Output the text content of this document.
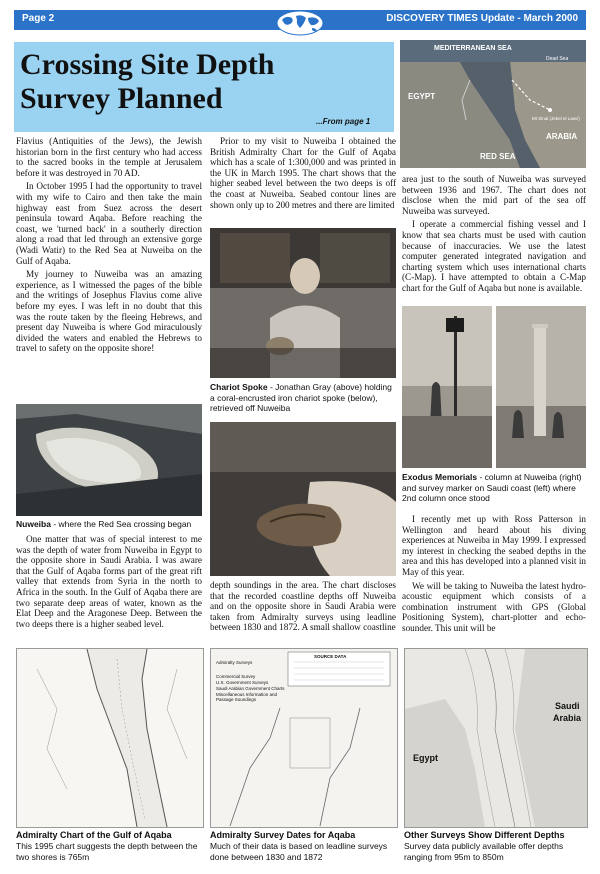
Page 2	DISCOVERY TIMES Update - March 2000
Crossing Site Depth
Survey Planned
...From page 1
MEDITERRANEAN SEA
Dead Sea
EGYPT
Mt Sinai (Jebel el Lawz)
ARABIA
RED SEA

Flavius (Antiquities of the Jews), the Jewish historian born in the first century who had access to the sacred books in the temple at Jerusalem before it was destroyed in 70 AD.

In October 1995 I had the opportunity to travel with my wife to Cairo and then take the main highway east from Suez across the desert peninsula toward Aqaba. Before reaching the coast, we 'turned back' in a southerly direction along a road that led through an extensive gorge (Wadi Watir) to the Red Sea at Nuweiba on the Gulf of Aqaba.

My journey to Nuweiba was an amazing experience, as I witnessed the pages of the bible and the writings of Josephus Flavius come alive before my eyes. I was left in no doubt that this was the route taken by the fleeing Hebrews, and present day Nuweiba is where God miraculously divided the waters and enabled the Hebrews to travel to safety on the opposite shore!

Nuweiba - where the Red Sea crossing began

One matter that was of special interest to me was the depth of water from Nuweiba in Egypt to the opposite shore in Saudi Arabia. I was aware that the Gulf of Aqaba forms part of the great rift valley that extends from Syria in the north to Africa in the south. In the Gulf of Aqaba there are two separate deep areas of water, known as the Elat Deep and the Aragonese Deep. Between the two deeps there is a higher seabed level.

Prior to my visit to Nuweiba I obtained the British Admiralty Chart for the Gulf of Aqaba which has a scale of 1:300,000 and was printed in the UK in March 1995. The chart shows that the higher seabed level between the two deeps is off the coast at Nuweiba. Seabed contour lines are shown only up to 200 metres and there are limited

Chariot Spoke - Jonathan Gray (above) holding a coral-encrusted iron chariot spoke (below), retrieved off Nuweiba

depth soundings in the area. The chart discloses that the recorded coastline depths off Nuweiba and on the opposite shore in Saudi Arabia were taken from Admiralty surveys using leadline between 1830 and 1872. A small shallow coastline

area just to the south of Nuweiba was surveyed between 1936 and 1967. The chart does not disclose when the mid part of the sea off Nuweiba was surveyed.

I operate a commercial fishing vessel and I know that sea charts must be used with caution because of inaccuracies. We use the latest computer generated integrated navigation and charting system which uses international charts (C-Map). I have attempted to obtain a C-Map chart for the Gulf of Aqaba but none is available.

Exodus Memorials - column at Nuweiba (right) and survey marker on Saudi coast (left) where 2nd column once stood

I recently met up with Ross Patterson in Wellington and heard about his diving experiences at Nuweiba in May 1999. I expressed my interest in checking the seabed depths in the area and this has developed into a planned visit in May of this year.

We will be taking to Nuweiba the latest hydro-acoustic equipment which consists of a combination instrument with GPS (Global Positioning System), chart-plotter and echo-sounder. This unit will be

SOURCE DATA
Admiralty Surveys
Commercial Survey
U.S. Government Surveys
Saudi Arabian Government Charts
Miscellaneous Information and Passage Soundings
Saudi
Arabia
Egypt
Admiralty Chart of the Gulf of Aqaba
This 1995 chart suggests the depth between the two shores is 765m
Admiralty Survey Dates for Aqaba
Much of their data is based on leadline surveys done between 1830 and 1872
Other Surveys Show Different Depths
Survey data publicly available offer depths ranging from 95m to 850m
